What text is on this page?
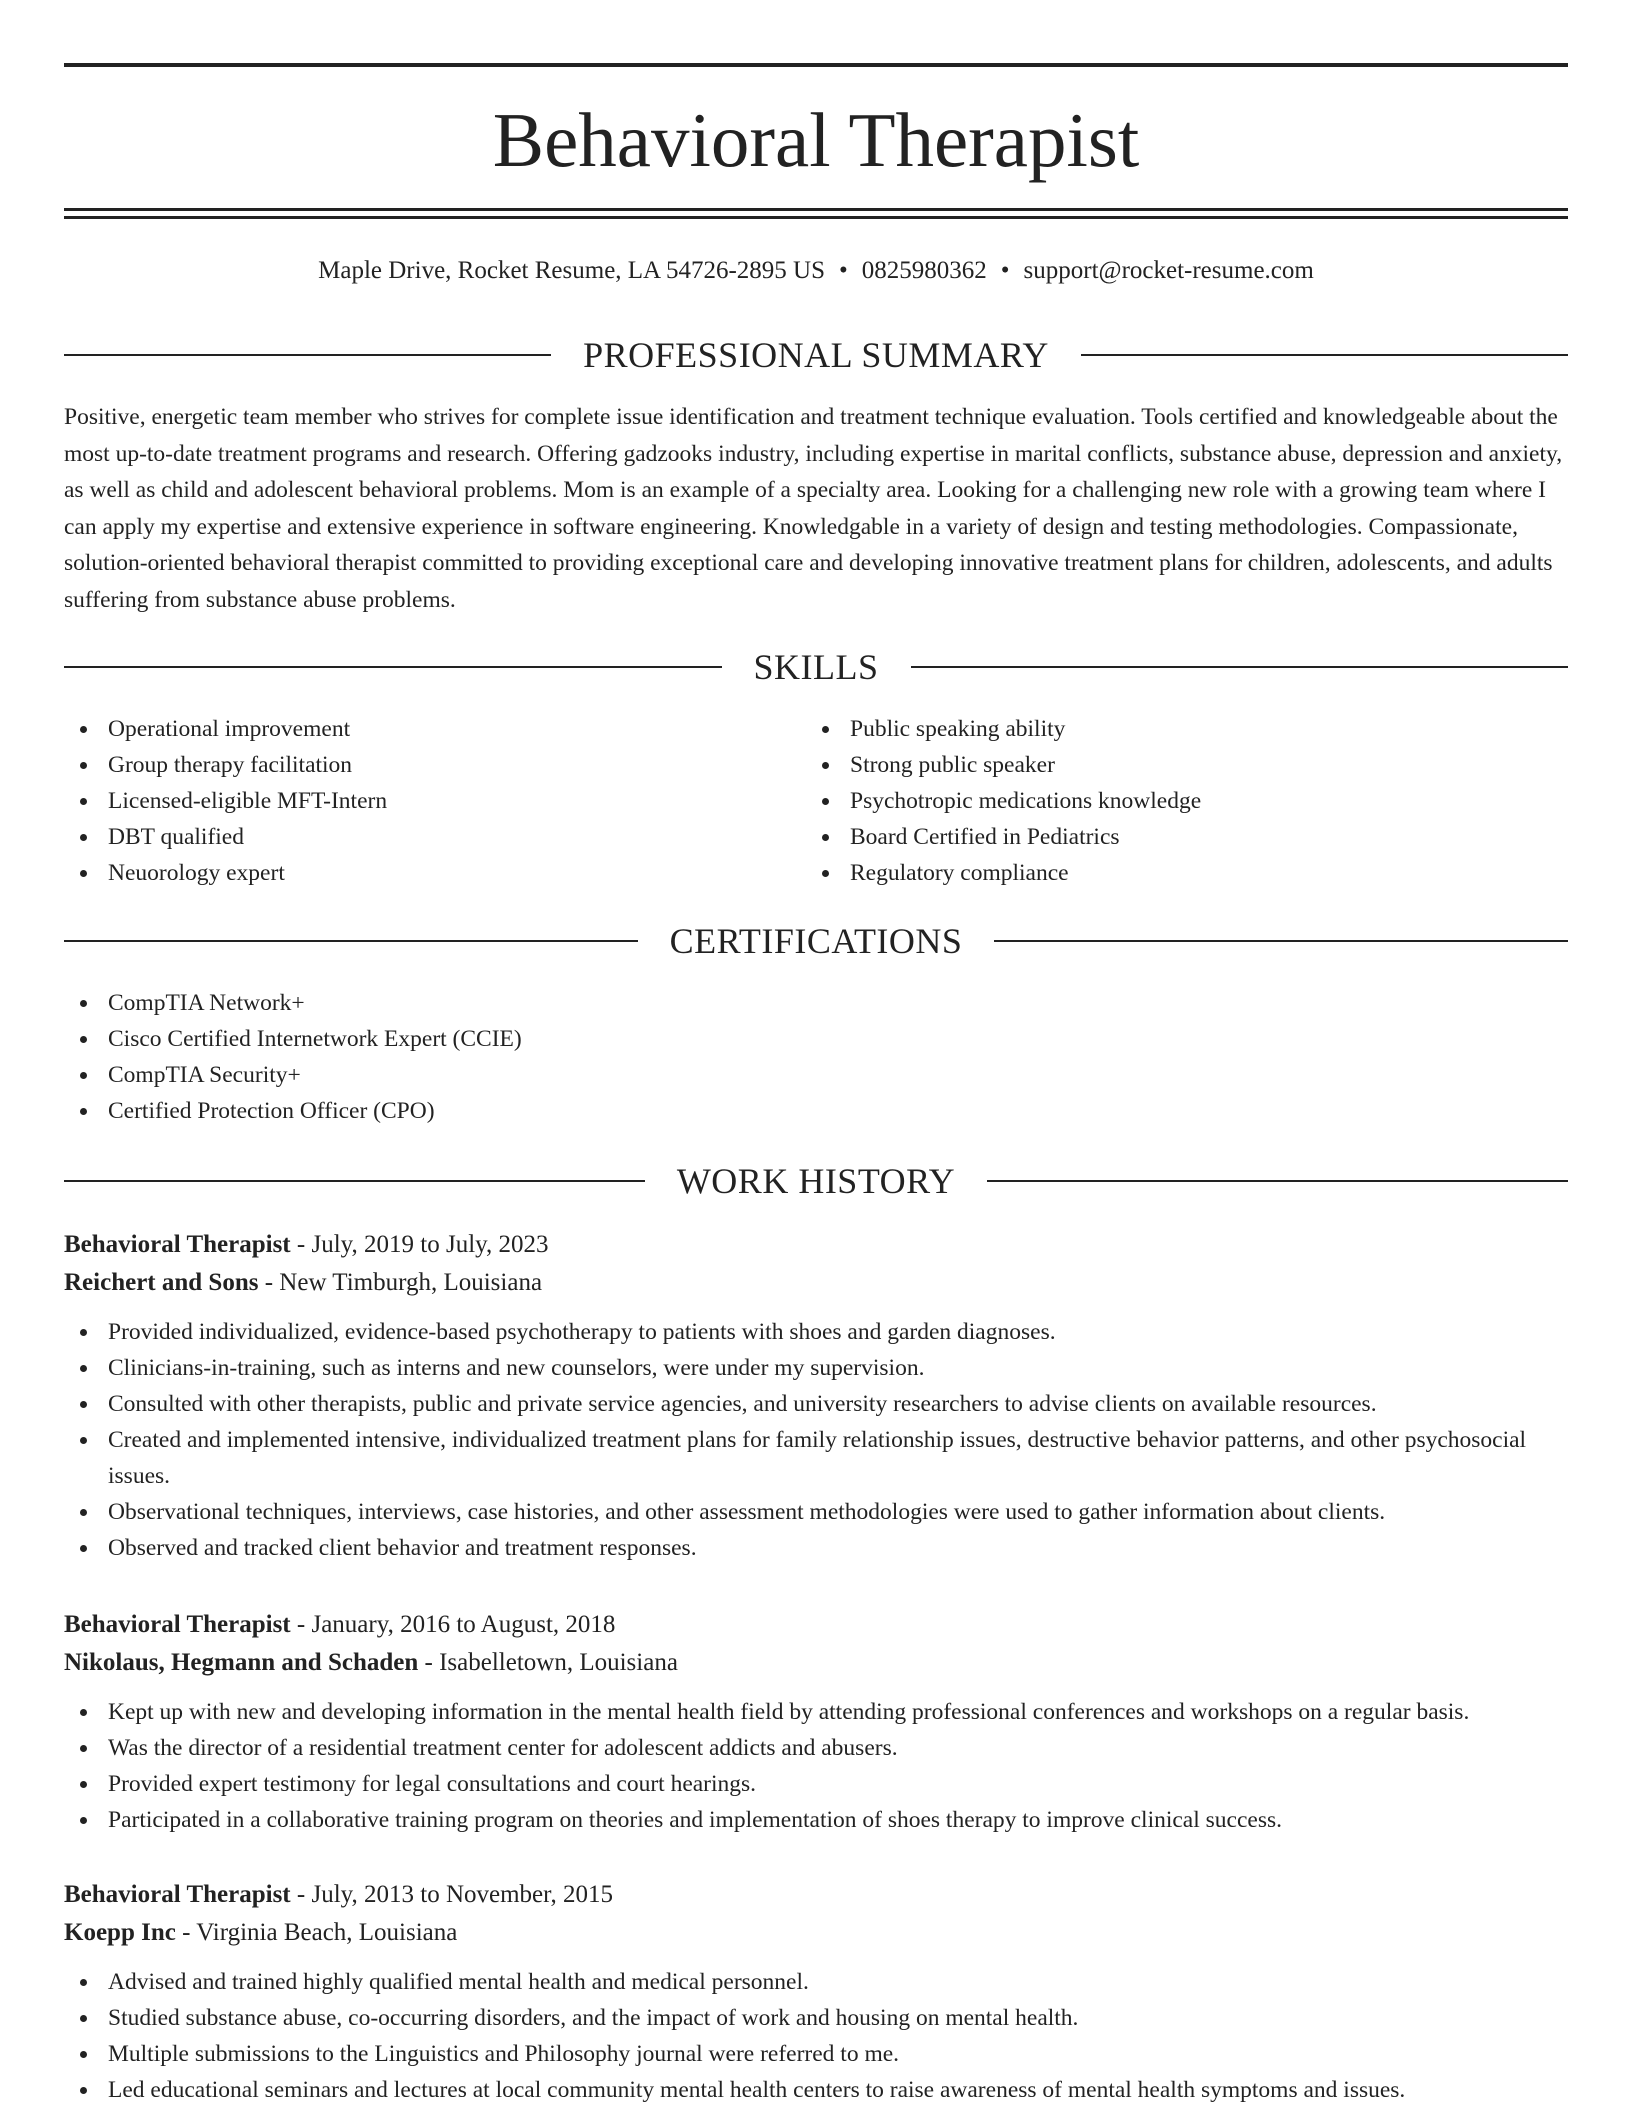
Behavioral Therapist
Maple Drive, Rocket Resume, LA 54726-2895 US • 0825980362 • support@rocket-resume.com
PROFESSIONAL SUMMARY
Positive, energetic team member who strives for complete issue identification and treatment technique evaluation. Tools certified and knowledgeable about the most up-to-date treatment programs and research. Offering gadzooks industry, including expertise in marital conflicts, substance abuse, depression and anxiety, as well as child and adolescent behavioral problems. Mom is an example of a specialty area. Looking for a challenging new role with a growing team where I can apply my expertise and extensive experience in software engineering. Knowledgable in a variety of design and testing methodologies. Compassionate, solution-oriented behavioral therapist committed to providing exceptional care and developing innovative treatment plans for children, adolescents, and adults suffering from substance abuse problems.
SKILLS
Operational improvement
Group therapy facilitation
Licensed-eligible MFT-Intern
DBT qualified
Neuorology expert
Public speaking ability
Strong public speaker
Psychotropic medications knowledge
Board Certified in Pediatrics
Regulatory compliance
CERTIFICATIONS
CompTIA Network+
Cisco Certified Internetwork Expert (CCIE)
CompTIA Security+
Certified Protection Officer (CPO)
WORK HISTORY
Behavioral Therapist - July, 2019 to July, 2023
Reichert and Sons - New Timburgh, Louisiana
Provided individualized, evidence-based psychotherapy to patients with shoes and garden diagnoses.
Clinicians-in-training, such as interns and new counselors, were under my supervision.
Consulted with other therapists, public and private service agencies, and university researchers to advise clients on available resources.
Created and implemented intensive, individualized treatment plans for family relationship issues, destructive behavior patterns, and other psychosocial issues.
Observational techniques, interviews, case histories, and other assessment methodologies were used to gather information about clients.
Observed and tracked client behavior and treatment responses.
Behavioral Therapist - January, 2016 to August, 2018
Nikolaus, Hegmann and Schaden - Isabelletown, Louisiana
Kept up with new and developing information in the mental health field by attending professional conferences and workshops on a regular basis.
Was the director of a residential treatment center for adolescent addicts and abusers.
Provided expert testimony for legal consultations and court hearings.
Participated in a collaborative training program on theories and implementation of shoes therapy to improve clinical success.
Behavioral Therapist - July, 2013 to November, 2015
Koepp Inc - Virginia Beach, Louisiana
Advised and trained highly qualified mental health and medical personnel.
Studied substance abuse, co-occurring disorders, and the impact of work and housing on mental health.
Multiple submissions to the Linguistics and Philosophy journal were referred to me.
Led educational seminars and lectures at local community mental health centers to raise awareness of mental health symptoms and issues.
